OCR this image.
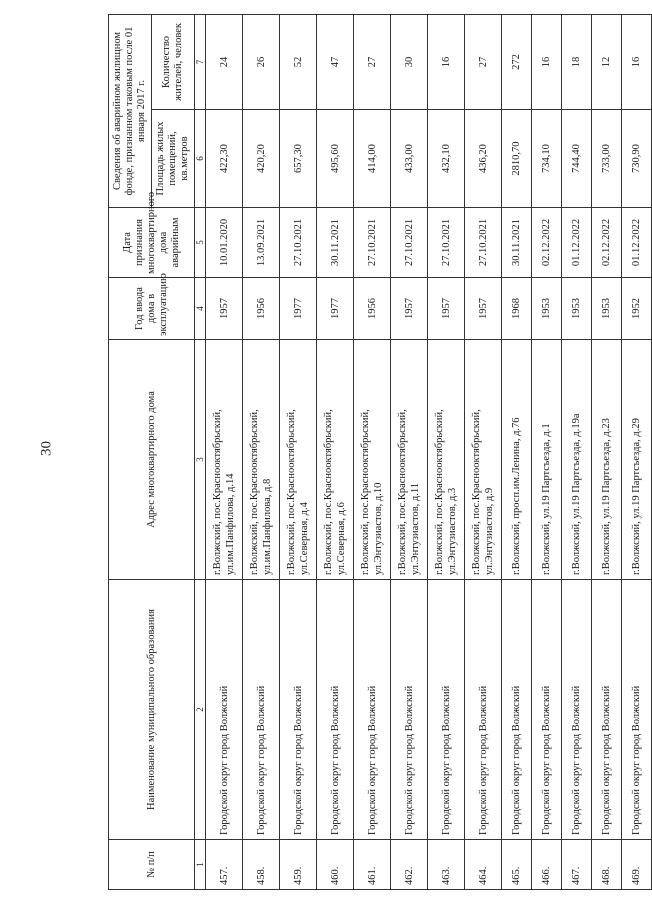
30
№ п/п	Наименование муниципального образования	Адрес многоквартирного дома	Год ввода дома в эксплуатацию	Дата признания многоквартирного дома аварийным	Сведения об аварийном жилищном фонде, признанном таковым после 01 января 2017 г.	
					Площадь жилых помещений, кв.метров	Количество жителей, человек
1	2	3	4	5	6	7
457.	Городской округ город Волжский	г.Волжский, пос.Краснооктябрьский, ул.им.Панфилова, д.14	1957	10.01.2020	422,30	24
458.	Городской округ город Волжский	г.Волжский, пос.Краснооктябрьский, ул.им.Панфилова, д.8	1956	13.09.2021	420,20	26
459.	Городской округ город Волжский	г.Волжский, пос.Краснооктябрьский, ул.Северная, д.4	1977	27.10.2021	657,30	52
460.	Городской округ город Волжский	г.Волжский, пос.Краснооктябрьский, ул.Северная, д.6	1977	30.11.2021	495,60	47
461.	Городской округ город Волжский	г.Волжский, пос.Краснооктябрьский, ул.Энтузиастов, д.10	1956	27.10.2021	414,00	27
462.	Городской округ город Волжский	г.Волжский, пос.Краснооктябрьский, ул.Энтузиастов, д.11	1957	27.10.2021	433,00	30
463.	Городской округ город Волжский	г.Волжский, пос.Краснооктябрьский, ул.Энтузиастов, д.3	1957	27.10.2021	432,10	16
464.	Городской округ город Волжский	г.Волжский, пос.Краснооктябрьский, ул.Энтузиастов, д.9	1957	27.10.2021	436,20	27
465.	Городской округ город Волжский	г.Волжский, просп.им.Ленина, д.76	1968	30.11.2021	2810,70	272
466.	Городской округ город Волжский	г.Волжский, ул.19 Партсъезда, д.1	1953	02.12.2022	734,10	16
467.	Городской округ город Волжский	г.Волжский, ул.19 Партсъезда, д.19а	1953	01.12.2022	744,40	18
468.	Городской округ город Волжский	г.Волжский, ул.19 Партсъезда, д.23	1953	02.12.2022	733,00	12
469.	Городской округ город Волжский	г.Волжский, ул.19 Партсъезда, д.29	1952	01.12.2022	730,90	16
